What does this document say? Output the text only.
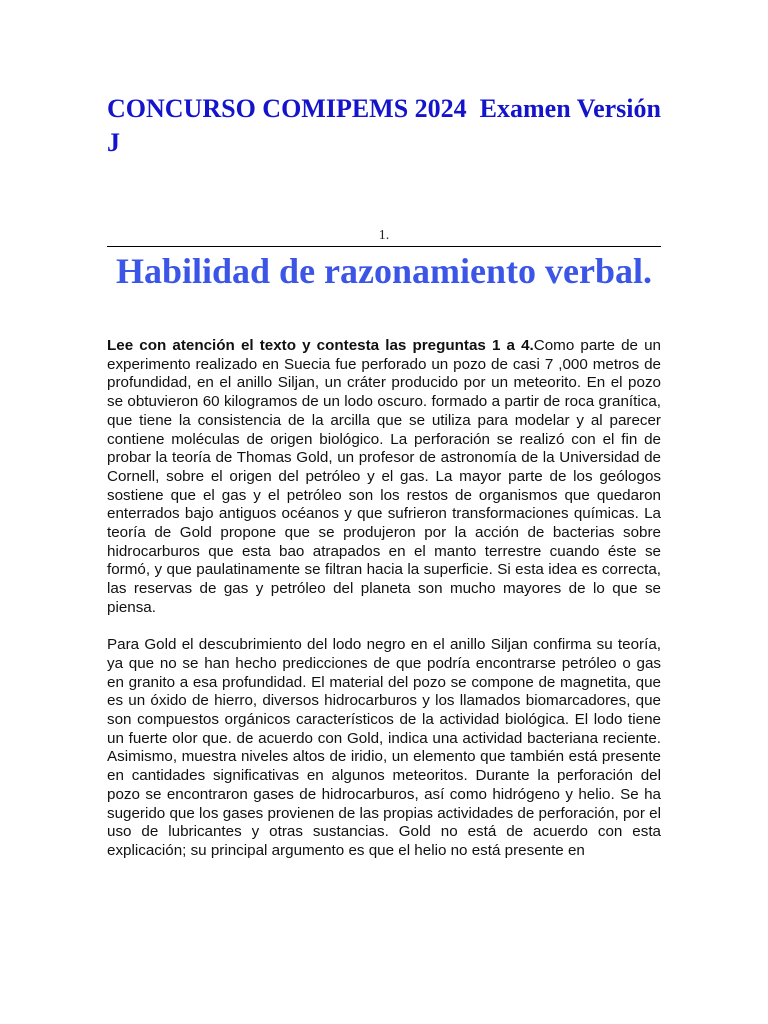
CONCURSO COMIPEMS 2024  Examen Versión J
1.
Habilidad de razonamiento verbal.

Lee con atención el texto y contesta las preguntas 1 a 4.Como parte de un experimento realizado en Suecia fue perforado un pozo de casi 7 ,000 metros de profundidad, en el anillo Siljan, un cráter producido por un meteorito. En el pozo se obtuvieron 60 kilogramos de un lodo oscuro. formado a partir de roca granítica, que tiene la consistencia de la arcilla que se utiliza para modelar y al parecer contiene moléculas de origen biológico. La perforación se realizó con el fin de probar la teoría de Thomas Gold, un profesor de astronomía de la Universidad de Cornell, sobre el origen del petróleo y el gas. La mayor parte de los geólogos sostiene que el gas y el petróleo son los restos de organismos que quedaron enterrados bajo antiguos océanos y que sufrieron transformaciones químicas. La teoría de Gold propone que se produjeron por la acción de bacterias sobre hidrocarburos que esta bao atrapados en el manto terrestre cuando éste se formó, y que paulatinamente se filtran hacia la superficie. Si esta idea es correcta, las reservas de gas y petróleo del planeta son mucho mayores de lo que se piensa.

Para Gold el descubrimiento del lodo negro en el anillo Siljan confirma su teoría, ya que no se han hecho predicciones de que podría encontrarse petróleo o gas en granito a esa profundidad. El material del pozo se compone de magnetita, que es un óxido de hierro, diversos hidrocarburos y los llamados biomarcadores, que son compuestos orgánicos característicos de la actividad biológica. El lodo tiene un fuerte olor que. de acuerdo con Gold, indica una actividad bacteriana reciente. Asimismo, muestra niveles altos de iridio, un elemento que también está presente en cantidades significativas en algunos meteoritos. Durante la perforación del pozo se encontraron gases de hidrocarburos, así como hidrógeno y helio. Se ha sugerido que los gases provienen de las propias actividades de perforación, por el uso de lubricantes y otras sustancias. Gold no está de acuerdo con esta explicación; su principal argumento es que el helio no está presente en
